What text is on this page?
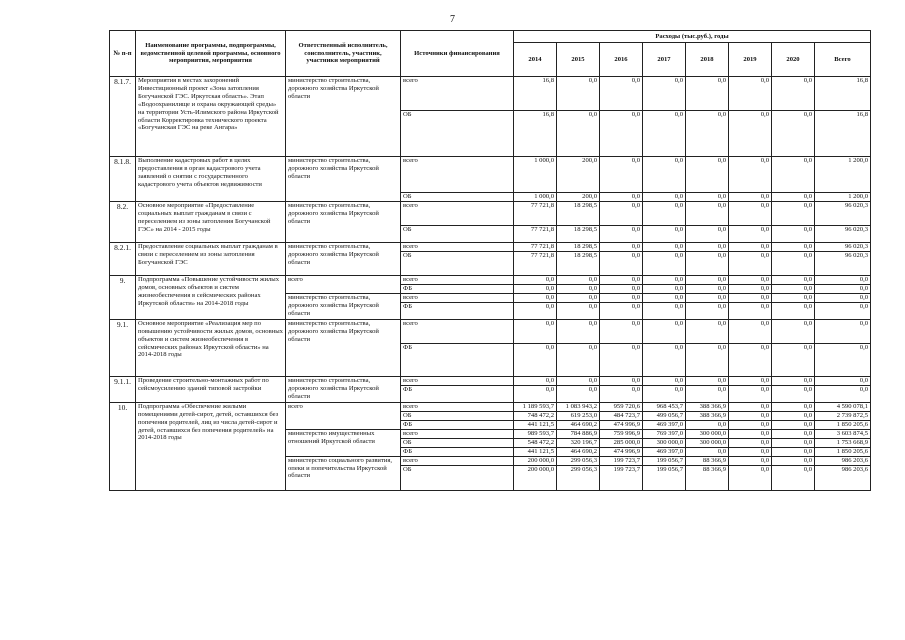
7
№ п-п	Наименование программы, подпрограммы, ведомственной целевой программы, основного мероприятия, мероприятия	Ответственный исполнитель, соисполнитель, участник, участники мероприятий	Источники финансирования	Расходы (тыс.руб.), годы							
				2014	2015	2016	2017	2018	2019	2020	Всего
8.1.7.	Мероприятия в местах захоронений Инвестиционный проект «Зона затопления Богучанской ГЭС. Иркутская область». Этап «Водоохранилище и охрана окружающей среды» на территории Усть-Илимского района Иркутской области Корректировка технического проекта «Богучанская ГЭС на реке Ангара»	министерство строительства, дорожного хозяйства Иркутской области	всего	16,8	0,0	0,0	0,0	0,0	0,0	0,0	16,8
			ОБ	16,8	0,0	0,0	0,0	0,0	0,0	0,0	16,8
8.1.8.	Выполнение кадастровых работ в целях предоставления в орган кадастрового учета заявлений о снятии с государственного кадастрового учета объектов недвижимости	министерство строительства, дорожного хозяйства Иркутской области	всего	1 000,0	200,0	0,0	0,0	0,0	0,0	0,0	1 200,0
			ОБ	1 000,0	200,0	0,0	0,0	0,0	0,0	0,0	1 200,0
8.2.	Основное мероприятие «Предоставление социальных выплат гражданам в связи с переселением из зоны затопления Богучанской ГЭС» на 2014 - 2015 годы	министерство строительства, дорожного хозяйства Иркутской области	всего	77 721,8	18 298,5	0,0	0,0	0,0	0,0	0,0	96 020,3
			ОБ	77 721,8	18 298,5	0,0	0,0	0,0	0,0	0,0	96 020,3
8.2.1.	Предоставление социальных выплат гражданам в связи с переселением из зоны затопления Богучанской ГЭС	министерство строительства, дорожного хозяйства Иркутской области	всего	77 721,8	18 298,5	0,0	0,0	0,0	0,0	0,0	96 020,3
			ОБ	77 721,8	18 298,5	0,0	0,0	0,0	0,0	0,0	96 020,3
9.	Подпрограмма «Повышение устойчивости жилых домов, основных объектов и систем жизнеобеспечения в сейсмических районах Иркутской области» на 2014-2018 годы	всего	всего	0,0	0,0	0,0	0,0	0,0	0,0	0,0	0,0
			ФБ	0,0	0,0	0,0	0,0	0,0	0,0	0,0	0,0
		министерство строительства, дорожного хозяйства Иркутской области	всего	0,0	0,0	0,0	0,0	0,0	0,0	0,0	0,0
			ФБ	0,0	0,0	0,0	0,0	0,0	0,0	0,0	0,0
9.1.	Основное мероприятие «Реализация мер по повышению устойчивости жилых домов, основных объектов и систем жизнеобеспечения в сейсмических районах Иркутской области» на 2014-2018 годы	министерство строительства, дорожного хозяйства Иркутской области	всего	0,0	0,0	0,0	0,0	0,0	0,0	0,0	0,0
			ФБ	0,0	0,0	0,0	0,0	0,0	0,0	0,0	0,0
9.1.1.	Проведение строительно-монтажных работ по сейсмоусилению зданий типовой застройки	министерство строительства, дорожного хозяйства Иркутской области	всего	0,0	0,0	0,0	0,0	0,0	0,0	0,0	0,0
			ФБ	0,0	0,0	0,0	0,0	0,0	0,0	0,0	0,0
10.	Подпрограмма «Обеспечение жилыми помещениями детей-сирот, детей, оставшихся без попечения родителей, лиц из числа детей-сирот и детей, оставшихся без попечения родителей» на 2014-2018 годы	всего	всего	1 189 593,7	1 083 943,2	959 720,6	968 453,7	388 366,9	0,0	0,0	4 590 078,1
			ОБ	748 472,2	619 253,0	484 723,7	499 056,7	388 366,9	0,0	0,0	2 739 872,5
			ФБ	441 121,5	464 690,2	474 996,9	469 397,0	0,0	0,0	0,0	1 850 205,6
		министерство имущественных отношений Иркутской области	всего	989 593,7	784 886,9	759 996,9	769 397,0	300 000,0	0,0	0,0	3 603 874,5
			ОБ	548 472,2	320 196,7	285 000,0	300 000,0	300 000,0	0,0	0,0	1 753 668,9
			ФБ	441 121,5	464 690,2	474 996,9	469 397,0	0,0	0,0	0,0	1 850 205,6
		министерство социального развития, опеки и попечительства Иркутской области	всего	200 000,0	299 056,3	199 723,7	199 056,7	88 366,9	0,0	0,0	986 203,6
			ОБ	200 000,0	299 056,3	199 723,7	199 056,7	88 366,9	0,0	0,0	986 203,6
